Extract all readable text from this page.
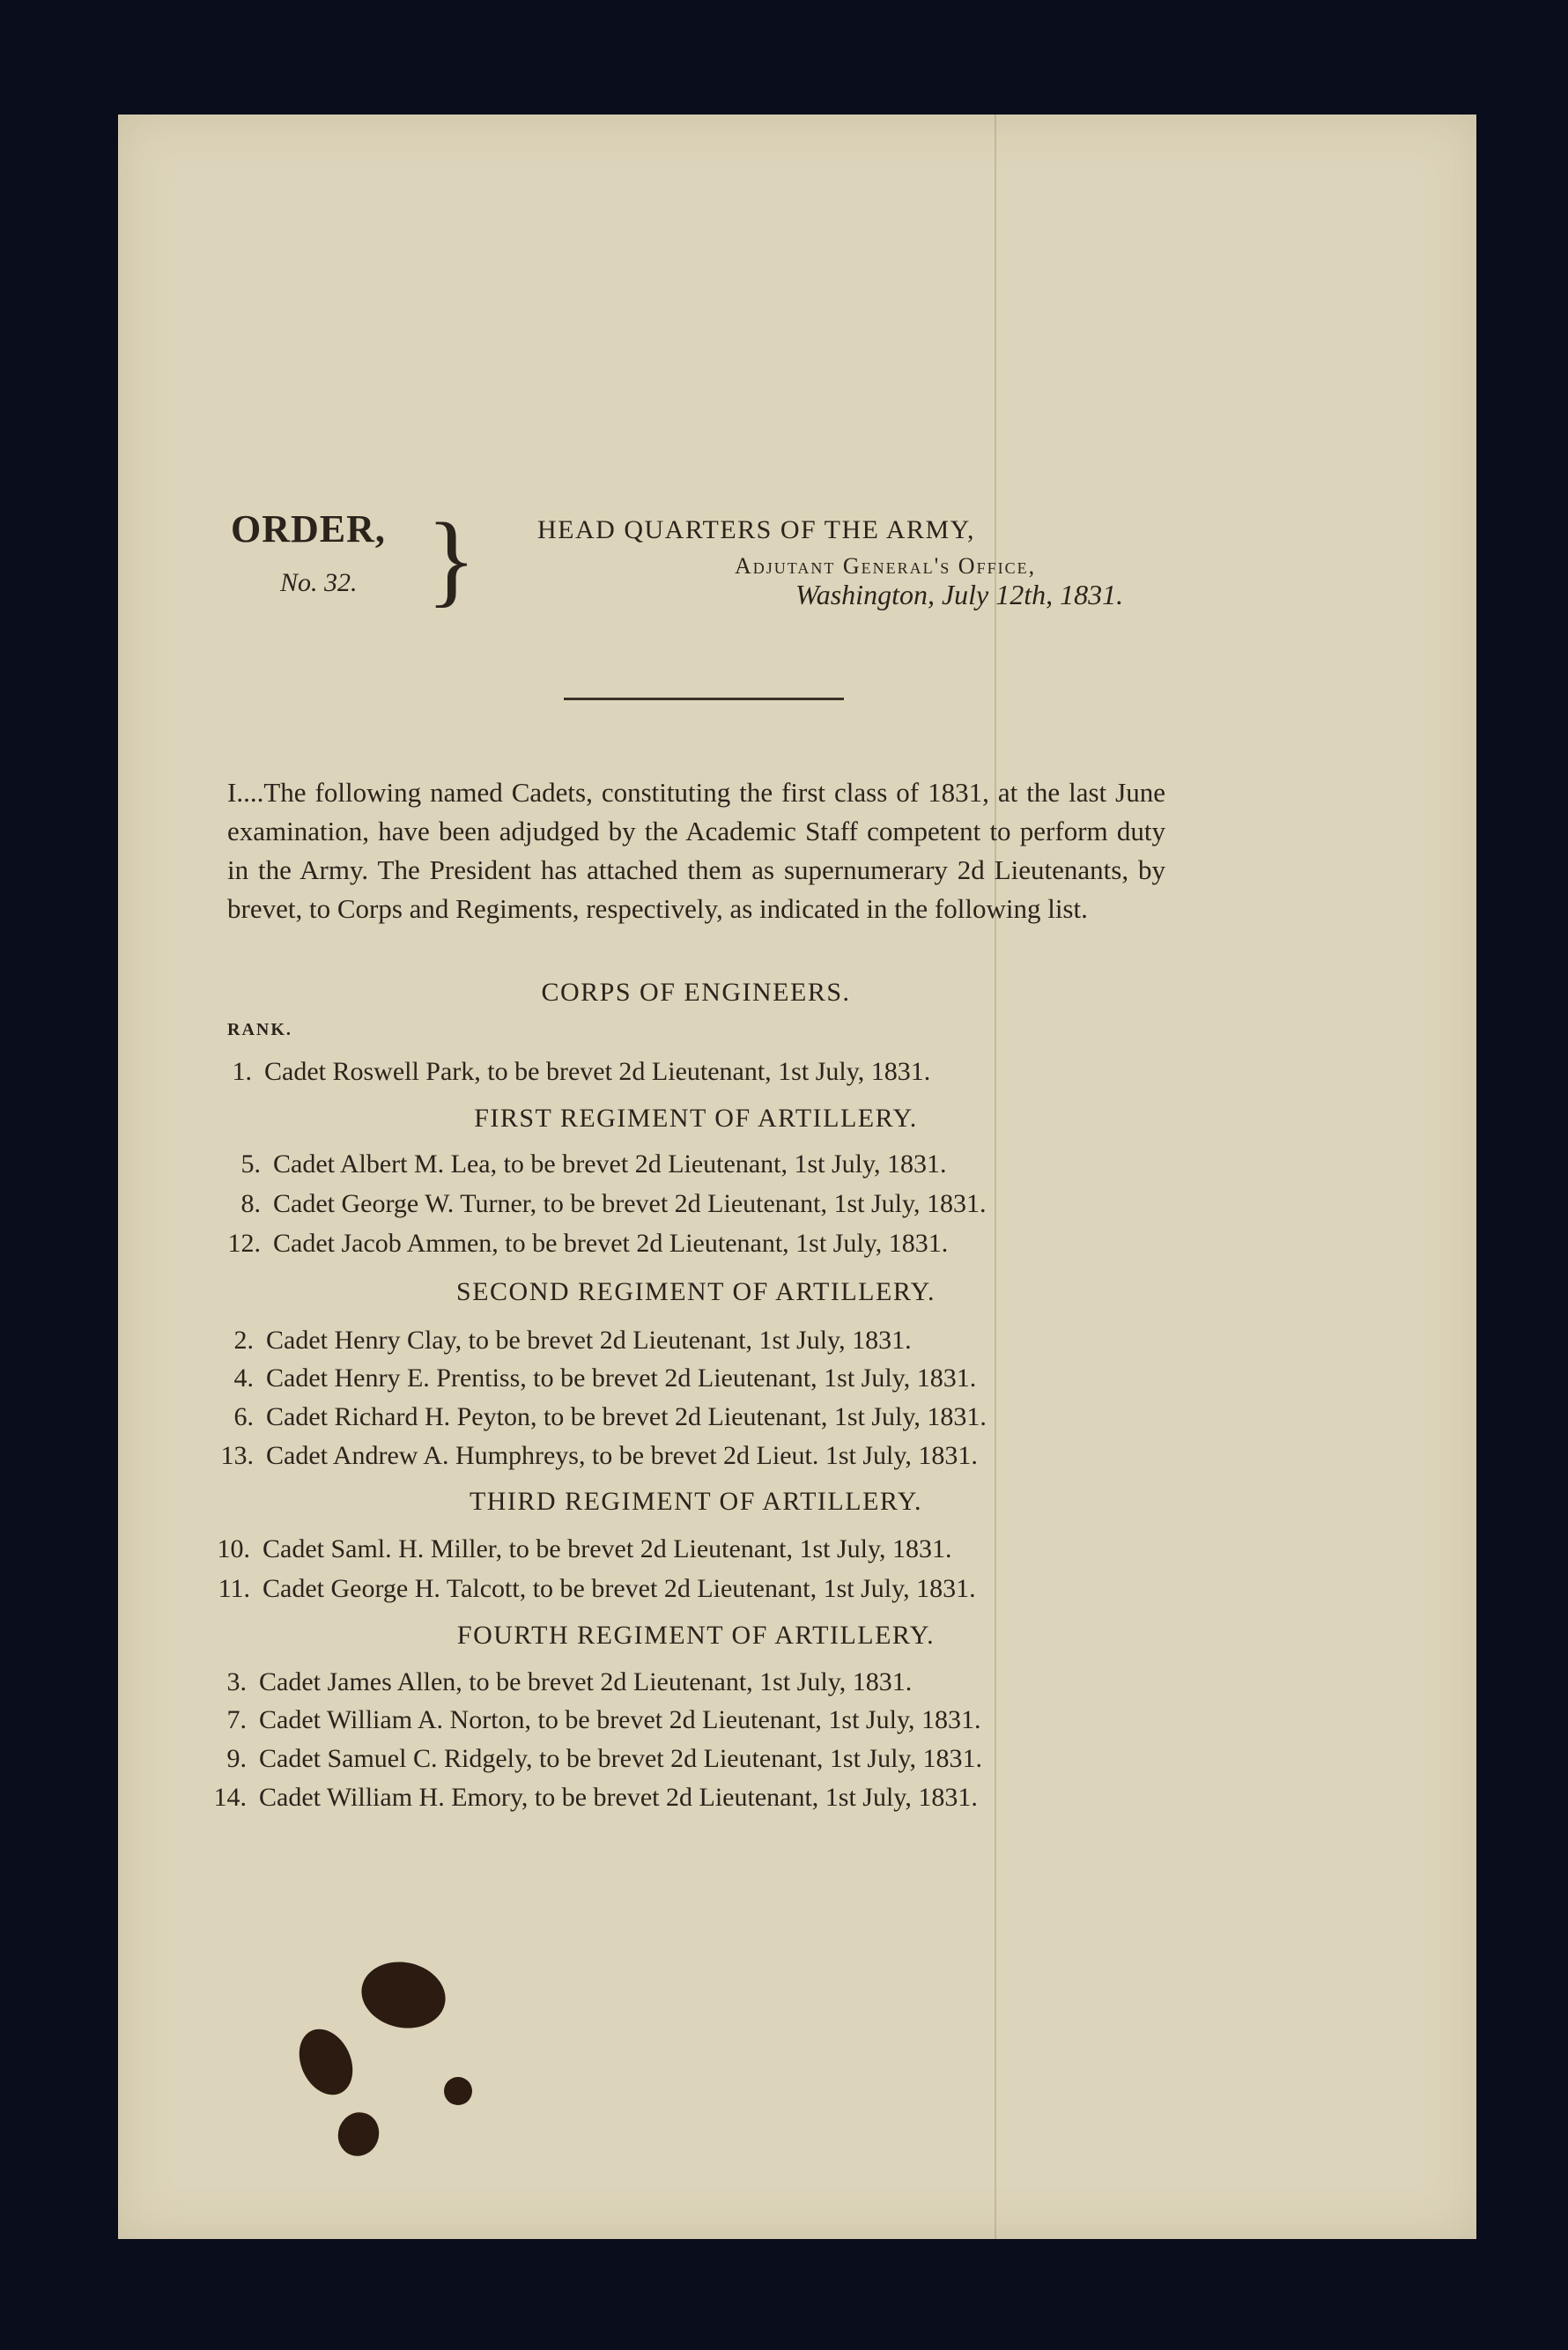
ORDER,
No. 32. } HEAD QUARTERS OF THE ARMY,
Adjutant General's Office,
Washington, July 12th, 1831.

I....The following named Cadets, constituting the first class of 1831, at the last June examination, have been adjudged by the Academic Staff competent to perform duty in the Army. The President has attached them as supernumerary 2d Lieutenants, by brevet, to Corps and Regiments, respectively, as indicated in the following list.

RANK.
CORPS OF ENGINEERS.
1. Cadet Roswell Park, to be brevet 2d Lieutenant, 1st July, 1831.
FIRST REGIMENT OF ARTILLERY.
5. Cadet Albert M. Lea, to be brevet 2d Lieutenant, 1st July, 1831.
8. Cadet George W. Turner, to be brevet 2d Lieutenant, 1st July, 1831.
12. Cadet Jacob Ammen, to be brevet 2d Lieutenant, 1st July, 1831.
SECOND REGIMENT OF ARTILLERY.
2. Cadet Henry Clay, to be brevet 2d Lieutenant, 1st July, 1831.
4. Cadet Henry E. Prentiss, to be brevet 2d Lieutenant, 1st July, 1831.
6. Cadet Richard H. Peyton, to be brevet 2d Lieutenant, 1st July, 1831.
13. Cadet Andrew A. Humphreys, to be brevet 2d Lieut. 1st July, 1831.
THIRD REGIMENT OF ARTILLERY.
10. Cadet Saml. H. Miller, to be brevet 2d Lieutenant, 1st July, 1831.
11. Cadet George H. Talcott, to be brevet 2d Lieutenant, 1st July, 1831.
FOURTH REGIMENT OF ARTILLERY.
3. Cadet James Allen, to be brevet 2d Lieutenant, 1st July, 1831.
7. Cadet William A. Norton, to be brevet 2d Lieutenant, 1st July, 1831.
9. Cadet Samuel C. Ridgely, to be brevet 2d Lieutenant, 1st July, 1831.
14. Cadet William H. Emory, to be brevet 2d Lieutenant, 1st July, 1831.
